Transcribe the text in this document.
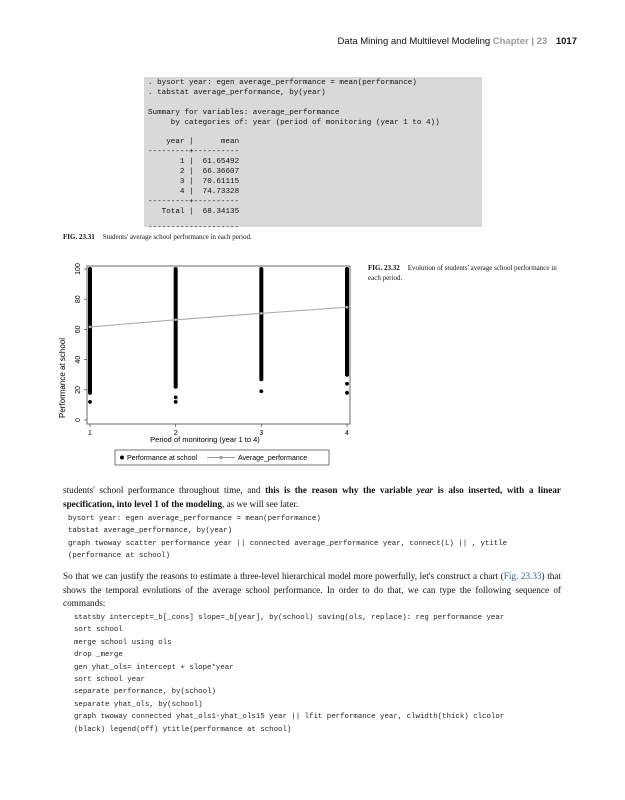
Data Mining and Multilevel Modeling Chapter | 23 1017
. bysort year: egen average_performance = mean(performance)
. tabstat average_performance, by(year)

Summary for variables: average_performance
by categories of: year (period of monitoring (year 1 to 4))

year |      mean
---------+----------
1 |  61.65492
2 |  66.36607
3 |  70.61115
4 |  74.73328
---------+----------
Total |  68.34135
--------------------
FIG. 23.31 Students' average school performance in each period.
0
20
40
60
80
100
1	2	3	4
Performance at school
Period of monitoring (year 1 to 4)
Performance at school	Average_performance
FIG. 23.32 Evolution of students' average school performance in each period.
students' school performance throughout time, and this is the reason why the variable year is also inserted, with a linear specification, into level 1 of the modeling, as we will see later.
bysort year: egen average_performance = mean(performance)
tabstat average_performance, by(year)
graph twoway scatter performance year || connected average_performance year, connect(L) || , ytitle
(performance at school)
So that we can justify the reasons to estimate a three-level hierarchical model more powerfully, let's construct a chart (Fig. 23.33) that shows the temporal evolutions of the average school performance. In order to do that, we can type the following sequence of commands:
statsby intercept=_b[_cons] slope=_b[year], by(school) saving(ols, replace): reg performance year
sort school
merge school using ols
drop _merge
gen yhat_ols= intercept + slope*year
sort school year
separate performance, by(school)
separate yhat_ols, by(school)
graph twoway connected yhat_ols1-yhat_ols15 year || lfit performance year, clwidth(thick) clcolor
(black) legend(off) ytitle(performance at school)
